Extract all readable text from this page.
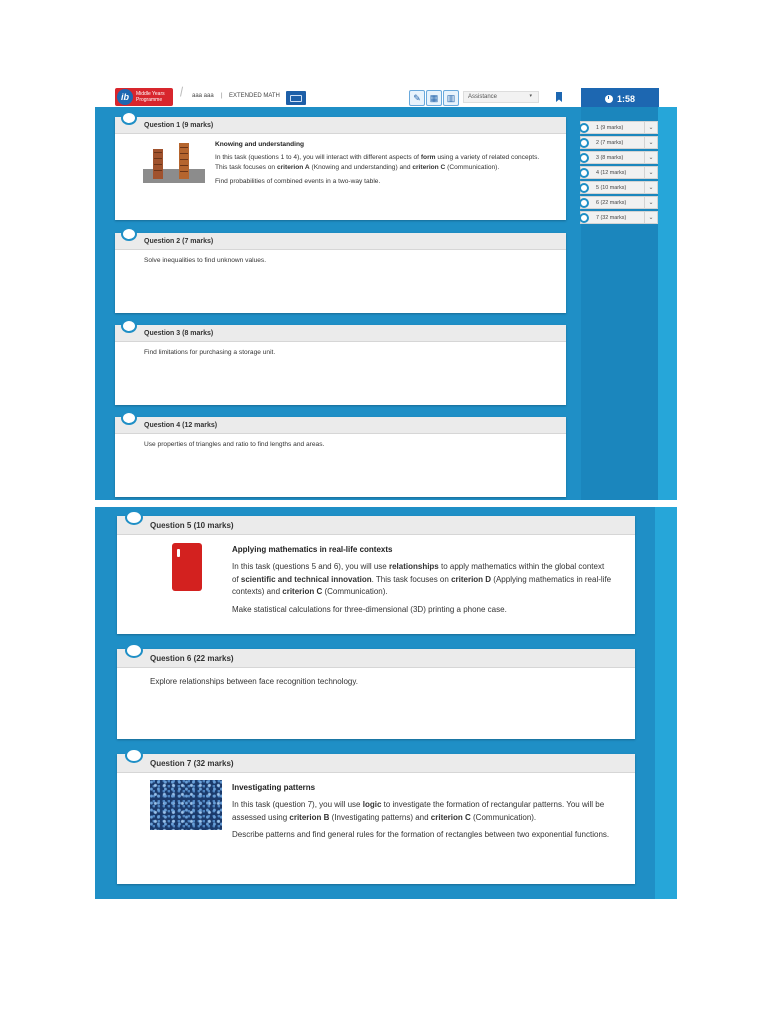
ib	Middle Years Programme
aaa aaa | EXTENDED MATH	✎ ▦ ▥ Assistance	▾	1:58
Question 1 (9 marks)
Knowing and understanding
In this task (questions 1 to 4), you will interact with different aspects of form using a variety of related concepts. This task focuses on criterion A (Knowing and understanding) and criterion C (Communication).
Find probabilities of combined events in a two-way table.
Question 2 (7 marks)
Solve inequalities to find unknown values.
Question 3 (8 marks)
Find limitations for purchasing a storage unit.
Question 4 (12 marks)
Use properties of triangles and ratio to find lengths and areas.
1 (9 marks)	⌄
2 (7 marks)	⌄
3 (8 marks)	⌄
4 (12 marks)	⌄
5 (10 marks)	⌄
6 (22 marks)	⌄
7 (32 marks)	⌄
Question 5 (10 marks)
Applying mathematics in real-life contexts
In this task (questions 5 and 6), you will use relationships to apply mathematics within the global context of scientific and technical innovation. This task focuses on criterion D (Applying mathematics in real-life contexts) and criterion C (Communication).
Make statistical calculations for three-dimensional (3D) printing a phone case.
Question 6 (22 marks)
Explore relationships between face recognition technology.
Question 7 (32 marks)
Investigating patterns
In this task (question 7), you will use logic to investigate the formation of rectangular patterns. You will be assessed using criterion B (Investigating patterns) and criterion C (Communication).
Describe patterns and find general rules for the formation of rectangles between two exponential functions.
